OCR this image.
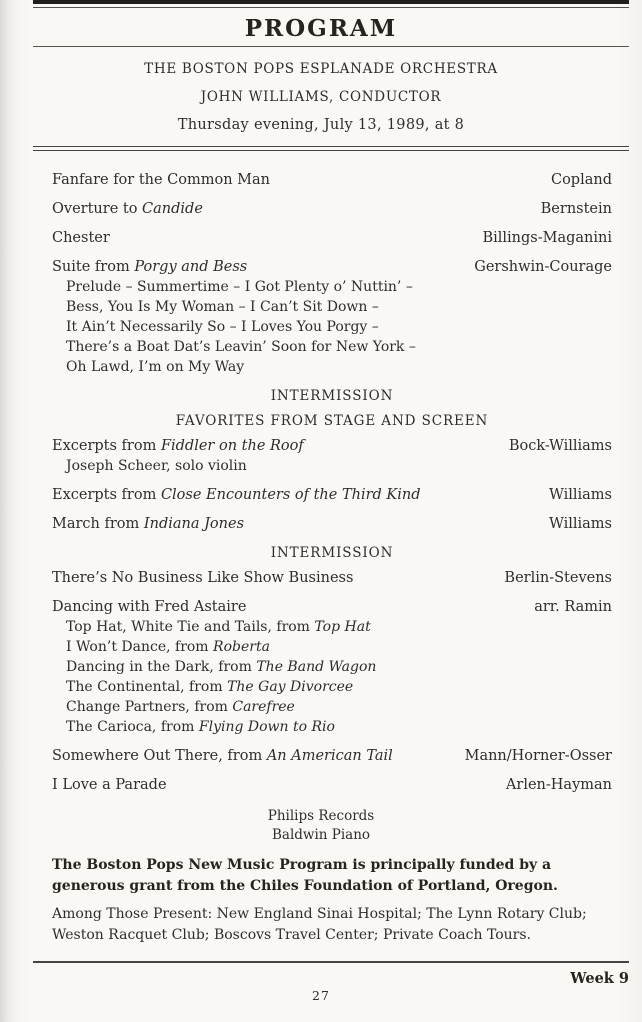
PROGRAM
THE BOSTON POPS ESPLANADE ORCHESTRA
JOHN WILLIAMS, CONDUCTOR
Thursday evening, July 13, 1989, at 8
Fanfare for the Common Man	Copland
Overture to Candide	Bernstein
Chester	Billings-Maganini
Suite from Porgy and Bess	Gershwin-Courage
Prelude – Summertime – I Got Plenty o’ Nuttin’ –
Bess, You Is My Woman – I Can’t Sit Down –
It Ain’t Necessarily So – I Loves You Porgy –
There’s a Boat Dat’s Leavin’ Soon for New York –
Oh Lawd, I’m on My Way
INTERMISSION
FAVORITES FROM STAGE AND SCREEN
Excerpts from Fiddler on the Roof	Bock-Williams
Joseph Scheer, solo violin
Excerpts from Close Encounters of the Third Kind	Williams
March from Indiana Jones	Williams
INTERMISSION
There’s No Business Like Show Business	Berlin-Stevens
Dancing with Fred Astaire	arr. Ramin
Top Hat, White Tie and Tails, from Top Hat
I Won’t Dance, from Roberta
Dancing in the Dark, from The Band Wagon
The Continental, from The Gay Divorcee
Change Partners, from Carefree
The Carioca, from Flying Down to Rio
Somewhere Out There, from An American Tail	Mann/Horner-Osser
I Love a Parade	Arlen-Hayman
Philips Records
Baldwin Piano

The Boston Pops New Music Program is principally funded by a generous grant from the Chiles Foundation of Portland, Oregon.

Among Those Present: New England Sinai Hospital; The Lynn Rotary Club; Weston Racquet Club; Boscovs Travel Center; Private Coach Tours.

Week 9
27
